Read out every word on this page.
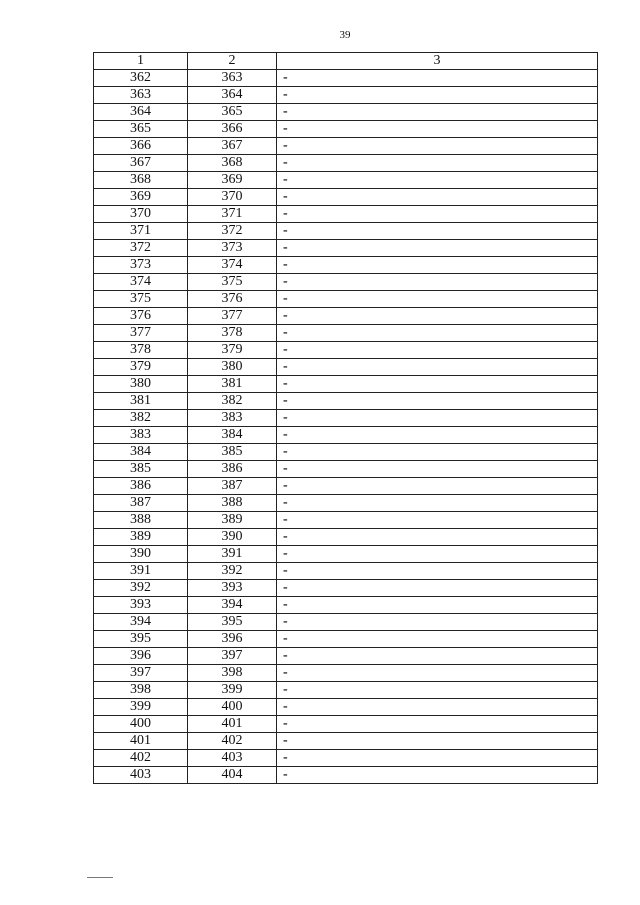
39
1	2	3
362	363	-
363	364	-
364	365	-
365	366	-
366	367	-
367	368	-
368	369	-
369	370	-
370	371	-
371	372	-
372	373	-
373	374	-
374	375	-
375	376	-
376	377	-
377	378	-
378	379	-
379	380	-
380	381	-
381	382	-
382	383	-
383	384	-
384	385	-
385	386	-
386	387	-
387	388	-
388	389	-
389	390	-
390	391	-
391	392	-
392	393	-
393	394	-
394	395	-
395	396	-
396	397	-
397	398	-
398	399	-
399	400	-
400	401	-
401	402	-
402	403	-
403	404	-
